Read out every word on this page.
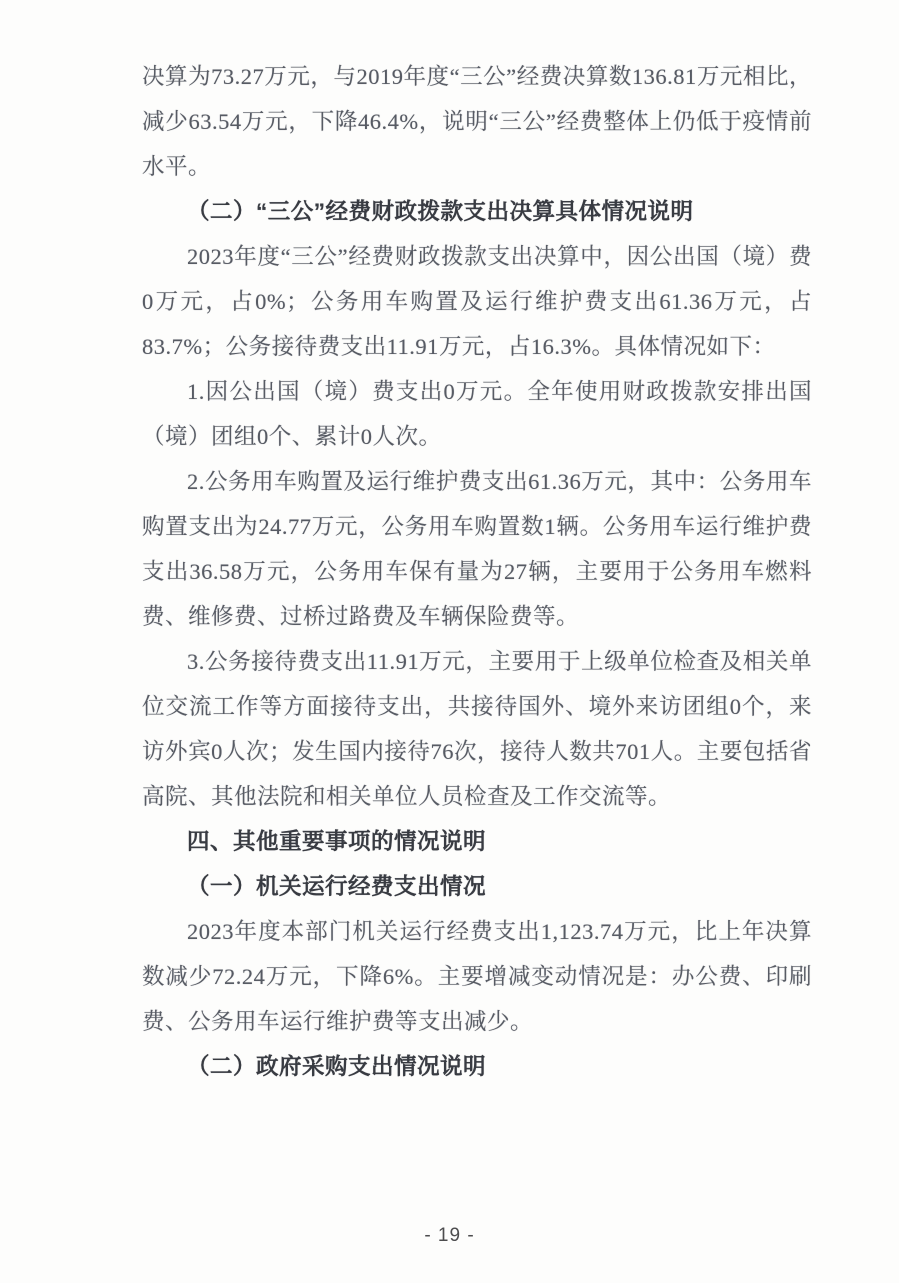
决算为73.27万元，与2019年度“三公”经费决算数136.81万元相比，减少63.54万元，下降46.4%，说明“三公”经费整体上仍低于疫情前水平。

（二）“三公”经费财政拨款支出决算具体情况说明

2023年度“三公”经费财政拨款支出决算中，因公出国（境）费0万元，占0%；公务用车购置及运行维护费支出61.36万元，占83.7%；公务接待费支出11.91万元，占16.3%。具体情况如下：

1.因公出国（境）费支出0万元。全年使用财政拨款安排出国（境）团组0个、累计0人次。

2.公务用车购置及运行维护费支出61.36万元，其中：公务用车购置支出为24.77万元，公务用车购置数1辆。公务用车运行维护费支出36.58万元，公务用车保有量为27辆，主要用于公务用车燃料费、维修费、过桥过路费及车辆保险费等。

3.公务接待费支出11.91万元，主要用于上级单位检查及相关单位交流工作等方面接待支出，共接待国外、境外来访团组0个，来访外宾0人次；发生国内接待76次，接待人数共701人。主要包括省高院、其他法院和相关单位人员检查及工作交流等。

四、其他重要事项的情况说明

（一）机关运行经费支出情况

2023年度本部门机关运行经费支出1,123.74万元，比上年决算数减少72.24万元，下降6%。主要增减变动情况是：办公费、印刷费、公务用车运行维护费等支出减少。

（二）政府采购支出情况说明

- 19 -
